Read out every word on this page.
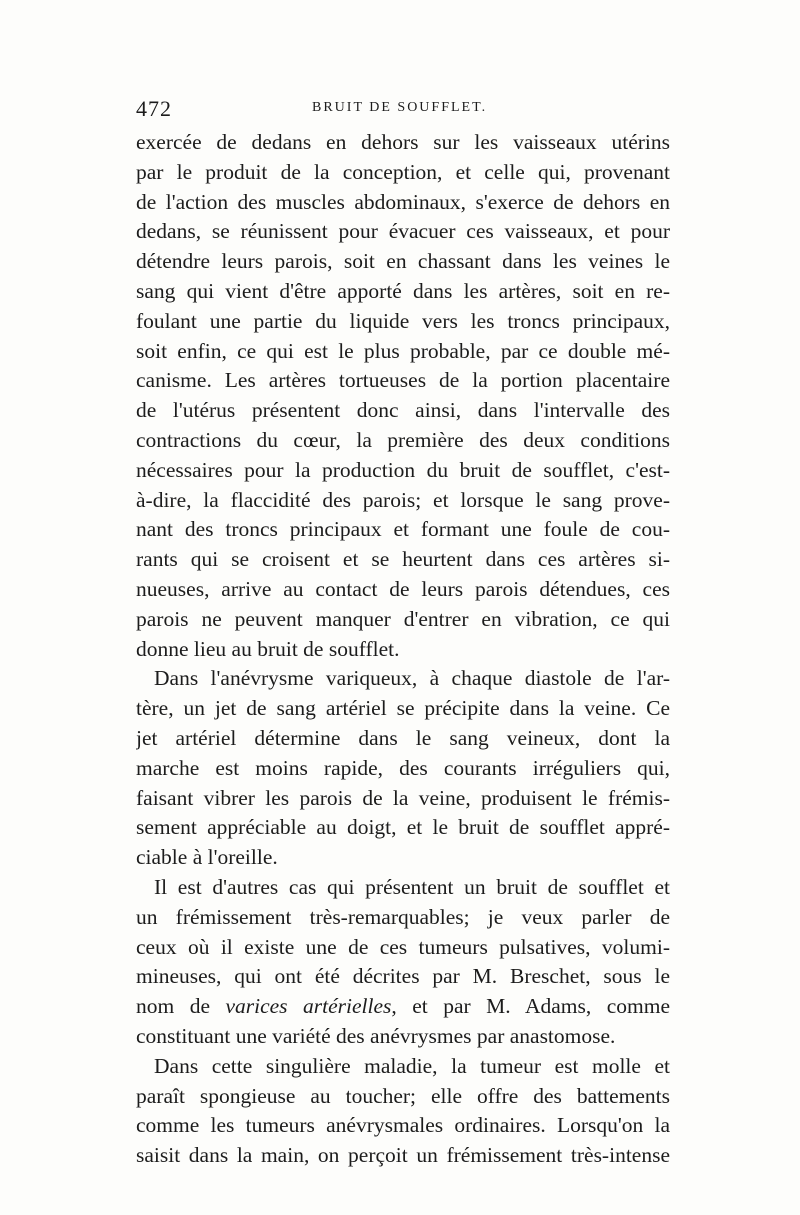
472	BRUIT DE SOUFFLET.
exercée de dedans en dehors sur les vaisseaux utérins
par le produit de la conception, et celle qui, provenant
de l'action des muscles abdominaux, s'exerce de dehors en
dedans, se réunissent pour évacuer ces vaisseaux, et pour
détendre leurs parois, soit en chassant dans les veines le
sang qui vient d'être apporté dans les artères, soit en re-
foulant une partie du liquide vers les troncs principaux,
soit enfin, ce qui est le plus probable, par ce double mé-
canisme. Les artères tortueuses de la portion placentaire
de l'utérus présentent donc ainsi, dans l'intervalle des
contractions du cœur, la première des deux conditions
nécessaires pour la production du bruit de soufflet, c'est-
à-dire, la flaccidité des parois; et lorsque le sang prove-
nant des troncs principaux et formant une foule de cou-
rants qui se croisent et se heurtent dans ces artères si-
nueuses, arrive au contact de leurs parois détendues, ces
parois ne peuvent manquer d'entrer en vibration, ce qui
donne lieu au bruit de soufflet.
Dans l'anévrysme variqueux, à chaque diastole de l'ar-
tère, un jet de sang artériel se précipite dans la veine. Ce
jet artériel détermine dans le sang veineux, dont la
marche est moins rapide, des courants irréguliers qui,
faisant vibrer les parois de la veine, produisent le frémis-
sement appréciable au doigt, et le bruit de soufflet appré-
ciable à l'oreille.
Il est d'autres cas qui présentent un bruit de soufflet et
un frémissement très-remarquables; je veux parler de
ceux où il existe une de ces tumeurs pulsatives, volumi-
mineuses, qui ont été décrites par M. Breschet, sous le
nom de varices artérielles, et par M. Adams, comme
constituant une variété des anévrysmes par anastomose.
Dans cette singulière maladie, la tumeur est molle et
paraît spongieuse au toucher; elle offre des battements
comme les tumeurs anévrysmales ordinaires. Lorsqu'on la
saisit dans la main, on perçoit un frémissement très-intense
